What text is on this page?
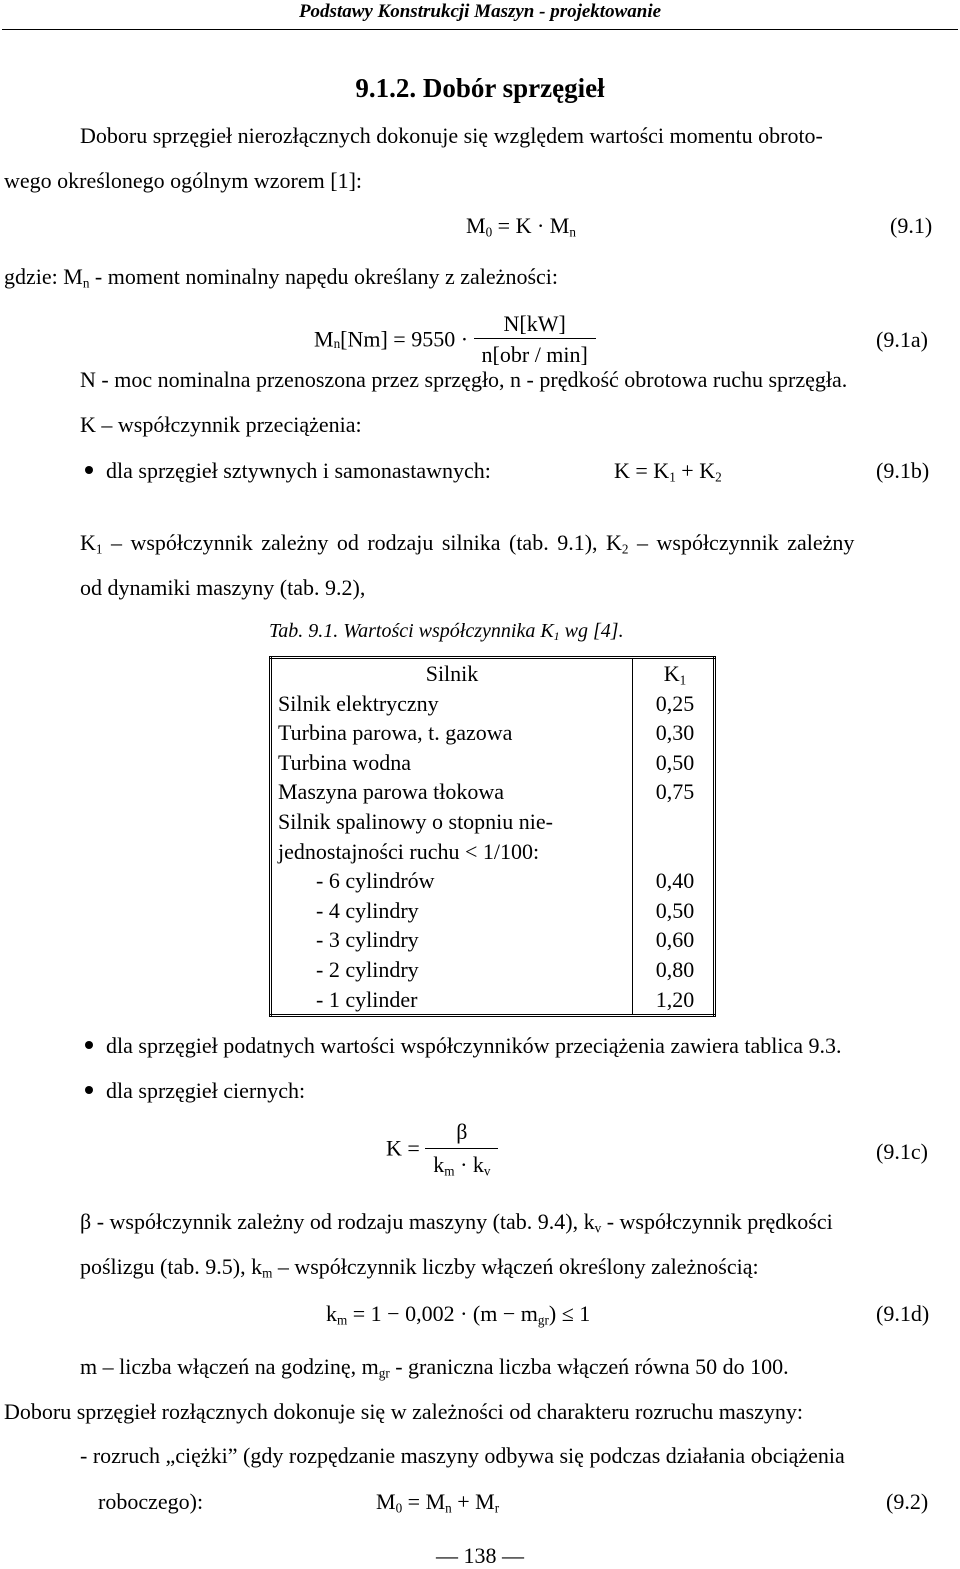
Podstawy Konstrukcji Maszyn - projektowanie
9.1.2. Dobór sprzęgieł
Doboru sprzęgieł nierozłącznych dokonuje się względem wartości momentu obroto-
wego określonego ogólnym wzorem [1]:
$M_0 = K \cdot M_n$	(9.1)
gdzie: $M_n$ - moment nominalny napędu określany z zależności:
$M_n[Nm] = 9550 \cdot \frac{N[kW]}{\text{n[obr / min]}}$	(9.1a)
N - moc nominalna przenoszona przez sprzęgło, n - prędkość obrotowa ruchu sprzęgła.
K – współczynnik przeciążenia:
dla sprzęgieł sztywnych i samonastawnych:	$K = K_1 + K_2$	(9.1b)
$K_1$ – współczynnik zależny od rodzaju silnika (tab. 9.1), $K_2$ – współczynnik zależny
od dynamiki maszyny (tab. 9.2),
Tab. 9.1. Wartości współczynnika $K_1$ wg [4].
Silnik	$K_1$
Silnik elektryczny	0,25
Turbina parowa, t. gazowa	0,30
Turbina wodna	0,50
Maszyna parowa tłokowa	0,75
Silnik spalinowy o stopniu nie-	
jednostajności ruchu < 1/100:	
- 6 cylindrów	0,40
- 4 cylindry	0,50
- 3 cylindry	0,60
- 2 cylindry	0,80
- 1 cylinder	1,20
dla sprzęgieł podatnych wartości współczynników przeciążenia zawiera tablica 9.3.
dla sprzęgieł ciernych:
$K = \frac{\beta}{k_m \cdot k_v}$	(9.1c)
β - współczynnik zależny od rodzaju maszyny (tab. 9.4), $k_v$ - współczynnik prędkości
poślizgu (tab. 9.5), $k_m$ – współczynnik liczby włączeń określony zależnością:
$k_m = 1 - 0,002 \cdot (m - m_{gr}) \le 1$	(9.1d)
m – liczba włączeń na godzinę, $m_{gr}$ - graniczna liczba włączeń równa 50 do 100.
Doboru sprzęgieł rozłącznych dokonuje się w zależności od charakteru rozruchu maszyny:
- rozruch „ciężki” (gdy rozpędzanie maszyny odbywa się podczas działania obciążenia
roboczego):	$M_0 = M_n + M_r$	(9.2)
— 138 —
